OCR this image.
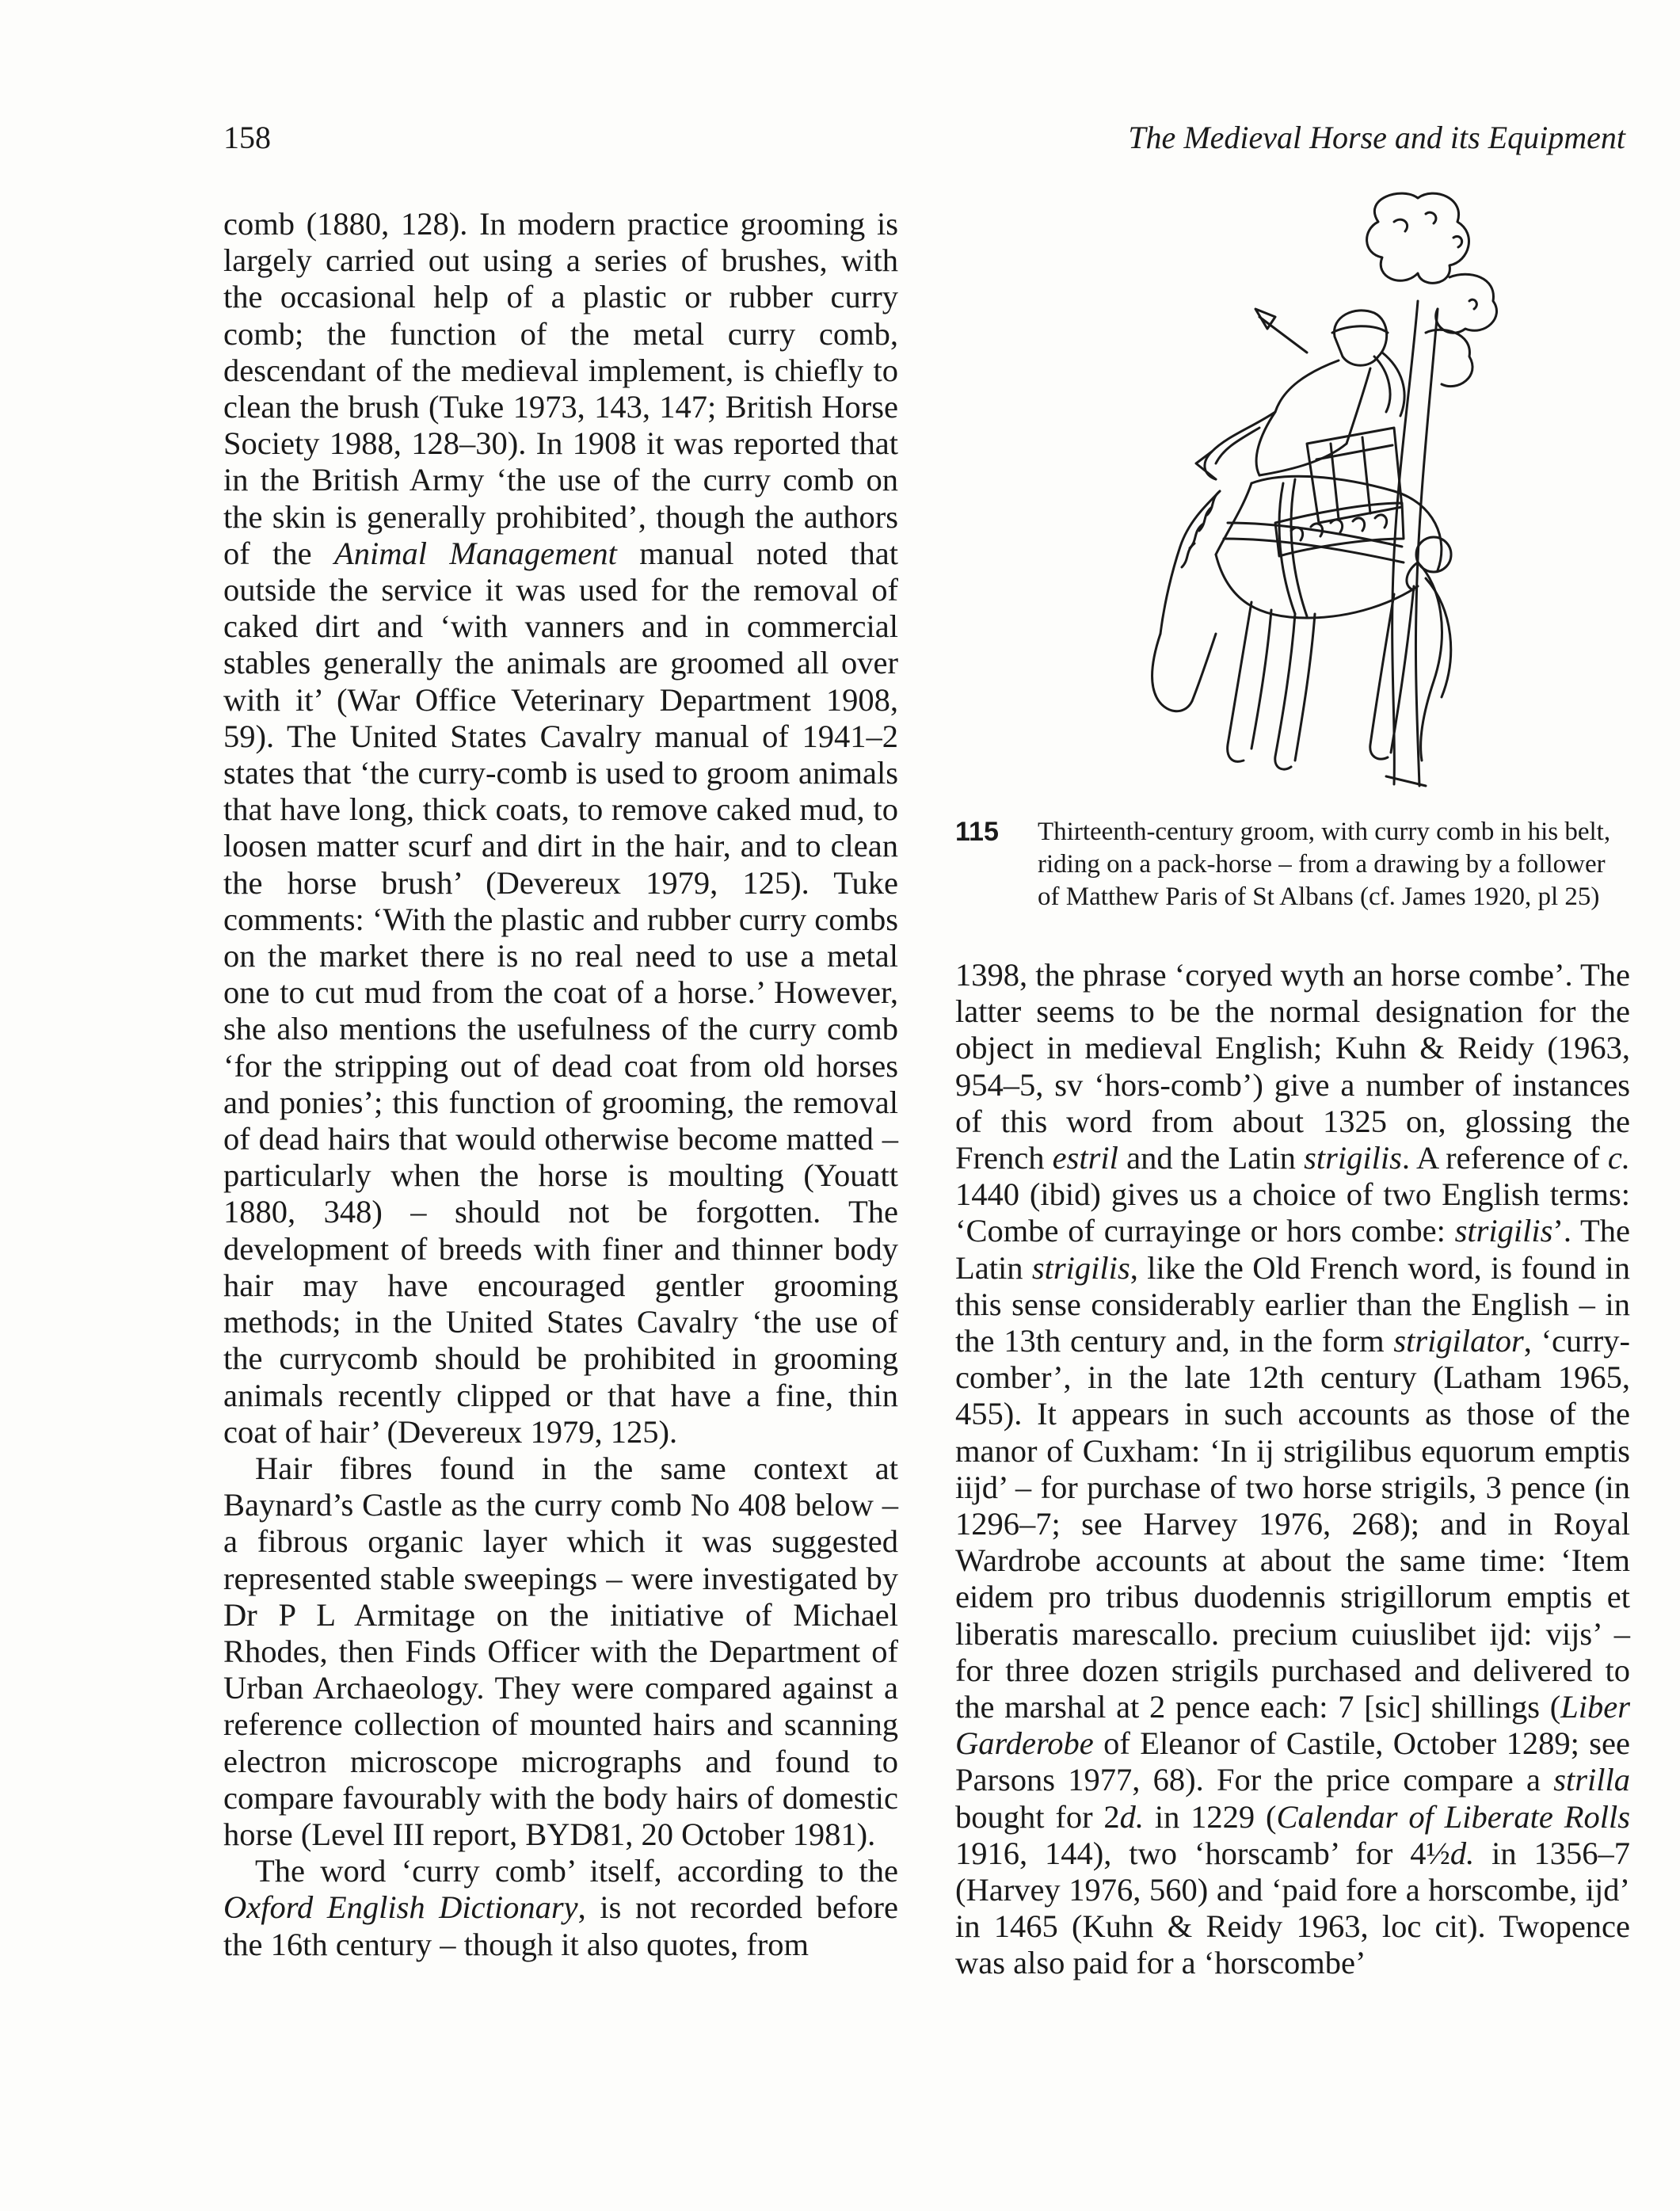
158	The Medieval Horse and its Equipment

comb (1880, 128). In modern practice grooming is largely carried out using a series of brushes, with the occasional help of a plastic or rubber curry comb; the function of the metal curry comb, descendant of the medieval implement, is chiefly to clean the brush (Tuke 1973, 143, 147; British Horse Society 1988, 128–30). In 1908 it was reported that in the British Army ‘the use of the curry comb on the skin is generally prohibited’, though the authors of the Animal Management manual noted that outside the service it was used for the removal of caked dirt and ‘with vanners and in commercial stables generally the animals are groomed all over with it’ (War Office Veterinary Department 1908, 59). The United States Cavalry manual of 1941–2 states that ‘the curry-comb is used to groom animals that have long, thick coats, to remove caked mud, to loosen matter scurf and dirt in the hair, and to clean the horse brush’ (Devereux 1979, 125). Tuke comments: ‘With the plastic and rubber curry combs on the market there is no real need to use a metal one to cut mud from the coat of a horse.’ However, she also mentions the usefulness of the curry comb ‘for the stripping out of dead coat from old horses and ponies’; this function of grooming, the removal of dead hairs that would otherwise become matted – particularly when the horse is moulting (Youatt 1880, 348) – should not be forgotten. The development of breeds with finer and thinner body hair may have encouraged gentler grooming methods; in the United States Cavalry ‘the use of the currycomb should be prohibited in grooming animals recently clipped or that have a fine, thin coat of hair’ (Devereux 1979, 125).

Hair fibres found in the same context at Baynard’s Castle as the curry comb No 408 below – a fibrous organic layer which it was suggested represented stable sweepings – were investigated by Dr P L Armitage on the initiative of Michael Rhodes, then Finds Officer with the Department of Urban Archaeology. They were compared against a reference collection of mounted hairs and scanning electron microscope micrographs and found to compare favourably with the body hairs of domestic horse (Level III report, BYD81, 20 October 1981).

The word ‘curry comb’ itself, according to the Oxford English Dictionary, is not recorded before the 16th century – though it also quotes, from

115 Thirteenth-century groom, with curry comb in his belt, riding on a pack-horse – from a drawing by a follower of Matthew Paris of St Albans (cf. James 1920, pl 25)

1398, the phrase ‘coryed wyth an horse combe’. The latter seems to be the normal designation for the object in medieval English; Kuhn & Reidy (1963, 954–5, sv ‘hors-comb’) give a number of instances of this word from about 1325 on, glossing the French estril and the Latin strigilis. A reference of c. 1440 (ibid) gives us a choice of two English terms: ‘Combe of currayinge or hors combe: strigilis’. The Latin strigilis, like the Old French word, is found in this sense considerably earlier than the English – in the 13th century and, in the form strigilator, ‘curry-comber’, in the late 12th century (Latham 1965, 455). It appears in such accounts as those of the manor of Cuxham: ‘In ij strigilibus equorum emptis iijd’ – for purchase of two horse strigils, 3 pence (in 1296–7; see Harvey 1976, 268); and in Royal Wardrobe accounts at about the same time: ‘Item eidem pro tribus duodennis strigillorum emptis et liberatis marescallo. precium cuiuslibet ijd: vijs’ – for three dozen strigils purchased and delivered to the marshal at 2 pence each: 7 [sic] shillings (Liber Garderobe of Eleanor of Castile, October 1289; see Parsons 1977, 68). For the price compare a strilla bought for 2d. in 1229 (Calendar of Liberate Rolls 1916, 144), two ‘horscamb’ for 4½d. in 1356–7 (Harvey 1976, 560) and ‘paid fore a horscombe, ijd’ in 1465 (Kuhn & Reidy 1963, loc cit). Twopence was also paid for a ‘horscombe’
